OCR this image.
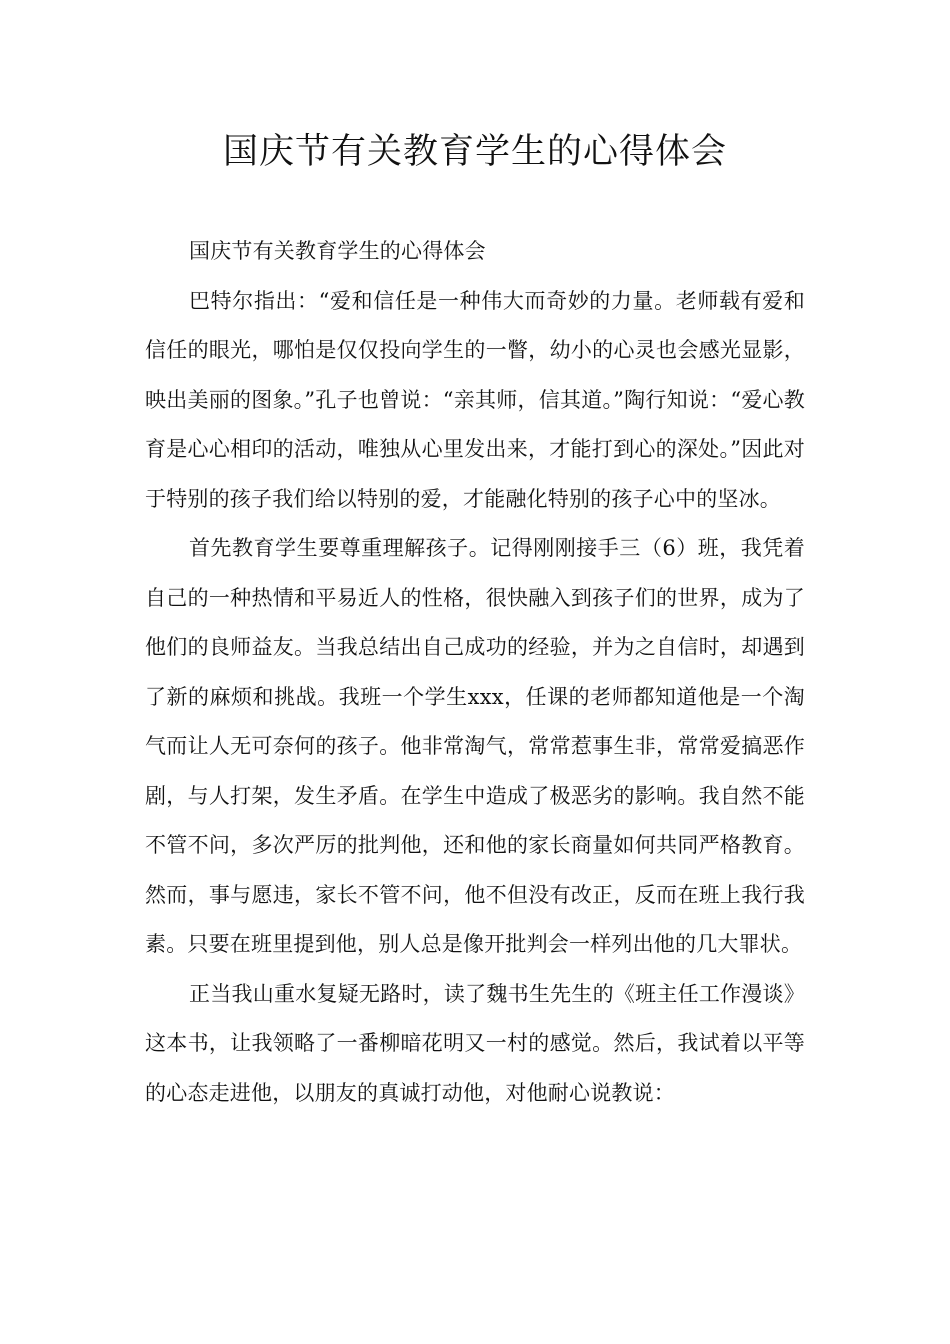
国庆节有关教育学生的心得体会

国庆节有关教育学生的心得体会

巴特尔指出：“爱和信任是一种伟大而奇妙的力量。老师载有爱和信任的眼光，哪怕是仅仅投向学生的一瞥，幼小的心灵也会感光显影，映出美丽的图象。”孔子也曾说：“亲其师，信其道。”陶行知说：“爱心教育是心心相印的活动，唯独从心里发出来，才能打到心的深处。”因此对于特别的孩子我们给以特别的爱，才能融化特别的孩子心中的坚冰。

首先教育学生要尊重理解孩子。记得刚刚接手三（6）班，我凭着自己的一种热情和平易近人的性格，很快融入到孩子们的世界，成为了他们的良师益友。当我总结出自己成功的经验，并为之自信时，却遇到了新的麻烦和挑战。我班一个学生xxx，任课的老师都知道他是一个淘气而让人无可奈何的孩子。他非常淘气，常常惹事生非，常常爱搞恶作剧，与人打架，发生矛盾。在学生中造成了极恶劣的影响。我自然不能不管不问，多次严厉的批判他，还和他的家长商量如何共同严格教育。然而，事与愿违，家长不管不问，他不但没有改正，反而在班上我行我素。只要在班里提到他，别人总是像开批判会一样列出他的几大罪状。

正当我山重水复疑无路时，读了魏书生先生的《班主任工作漫谈》这本书，让我领略了一番柳暗花明又一村的感觉。然后，我试着以平等的心态走进他，以朋友的真诚打动他，对他耐心说教说：
